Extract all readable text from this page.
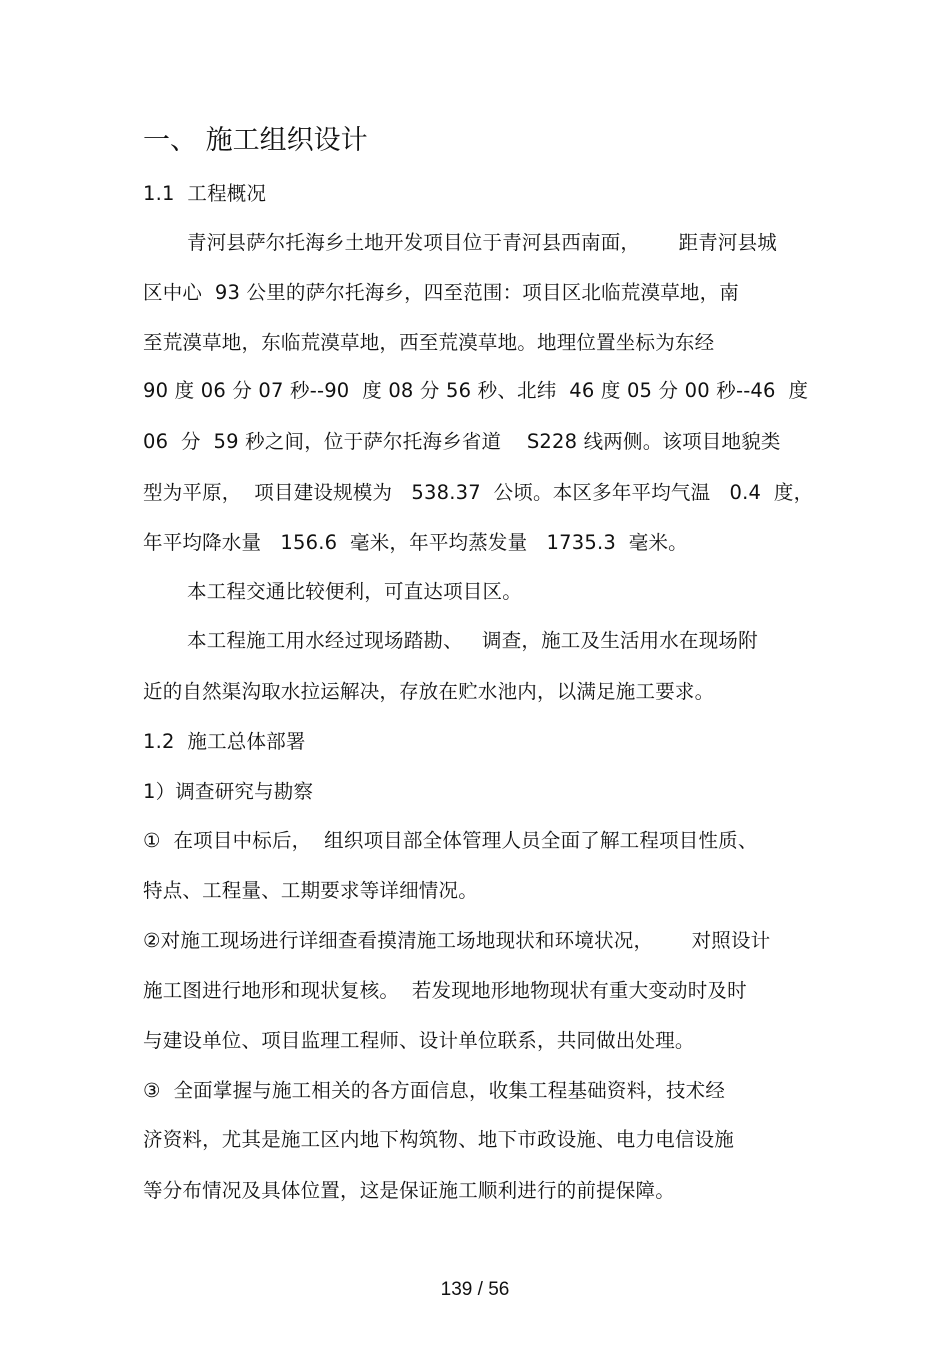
一、 施工组织设计
1.1  工程概况
青河县萨尔托海乡土地开发项目位于青河县西南面，      距青河县城
区中心  93 公里的萨尔托海乡，四至范围：项目区北临荒漠草地，南
至荒漠草地，东临荒漠草地，西至荒漠草地。地理位置坐标为东经
90 度 06 分 07 秒--90  度 08 分 56 秒、北纬  46 度 05 分 00 秒--46  度
06  分  59 秒之间，位于萨尔托海乡省道    S228 线两侧。该项目地貌类
型为平原，  项目建设规模为   538.37  公顷。本区多年平均气温   0.4  度，
年平均降水量   156.6  毫米，年平均蒸发量   1735.3  毫米。
本工程交通比较便利，可直达项目区。
本工程施工用水经过现场踏勘、   调查，施工及生活用水在现场附
近的自然渠沟取水拉运解决，存放在贮水池内，以满足施工要求。
1.2  施工总体部署
1）调查研究与勘察
①  在项目中标后，  组织项目部全体管理人员全面了解工程项目性质、
特点、工程量、工期要求等详细情况。
②对施工现场进行详细查看摸清施工场地现状和环境状况，      对照设计
施工图进行地形和现状复核。  若发现地形地物现状有重大变动时及时
与建设单位、项目监理工程师、设计单位联系，共同做出处理。
③  全面掌握与施工相关的各方面信息，收集工程基础资料，技术经
济资料，尤其是施工区内地下构筑物、地下市政设施、电力电信设施
等分布情况及具体位置，这是保证施工顺利进行的前提保障。
139 / 56
